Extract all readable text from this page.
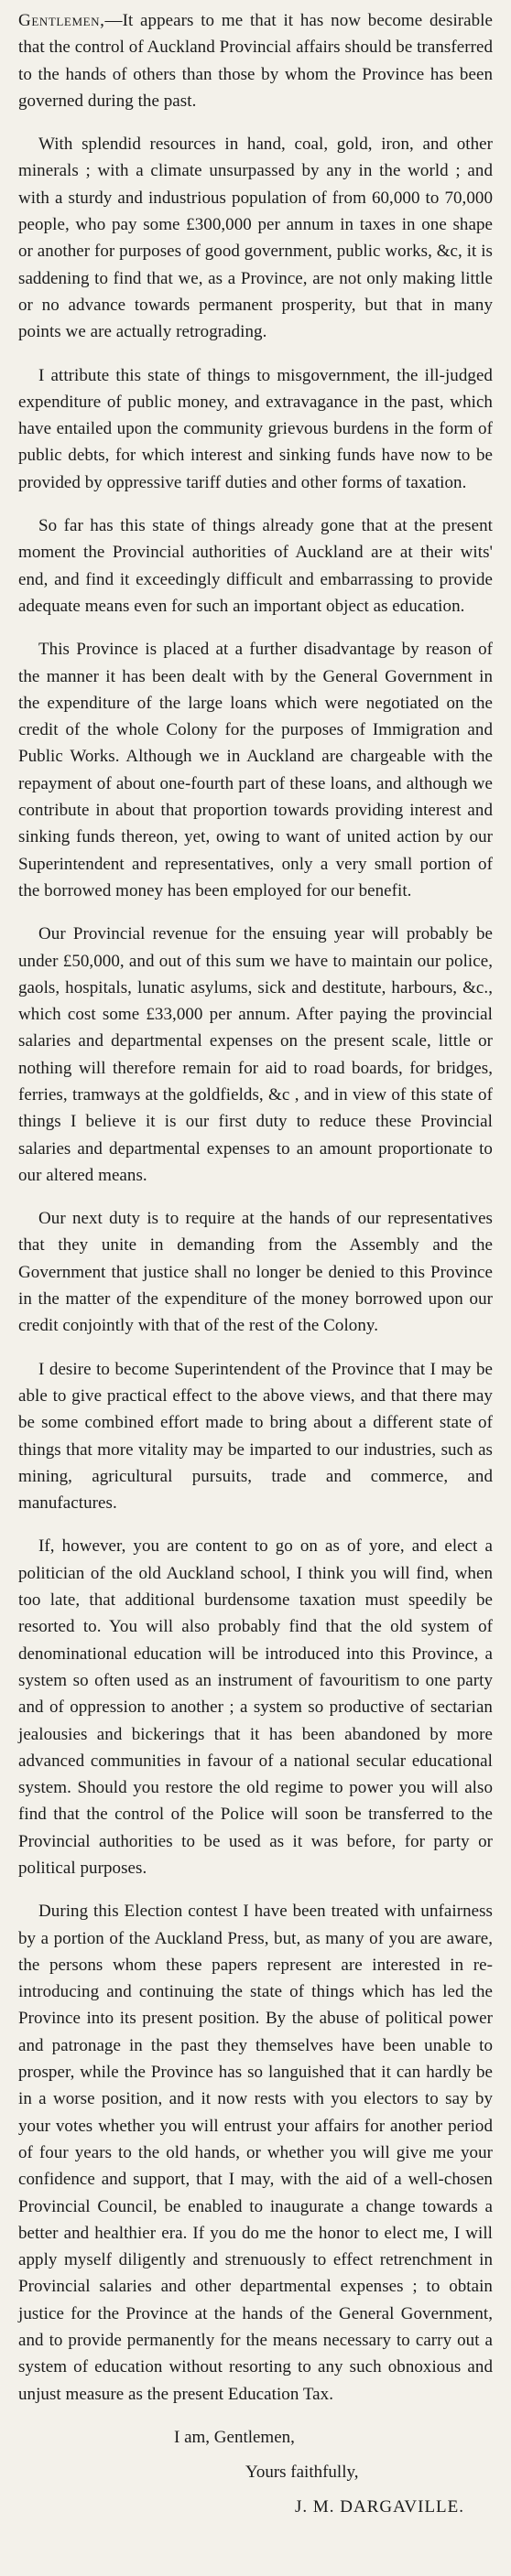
Gentlemen,—It appears to me that it has now become desirable that the control of Auckland Provincial affairs should be transferred to the hands of others than those by whom the Province has been governed during the past.

With splendid resources in hand, coal, gold, iron, and other minerals ; with a climate unsurpassed by any in the world ; and with a sturdy and industrious population of from 60,000 to 70,000 people, who pay some £300,000 per annum in taxes in one shape or another for purposes of good government, public works, &c, it is saddening to find that we, as a Province, are not only making little or no advance towards permanent prosperity, but that in many points we are actually retrograding.

I attribute this state of things to misgovernment, the ill-judged expenditure of public money, and extravagance in the past, which have entailed upon the community grievous burdens in the form of public debts, for which interest and sinking funds have now to be provided by oppressive tariff duties and other forms of taxation.

So far has this state of things already gone that at the present moment the Provincial authorities of Auckland are at their wits' end, and find it exceedingly difficult and embarrassing to provide adequate means even for such an important object as education.

This Province is placed at a further disadvantage by reason of the manner it has been dealt with by the General Government in the expenditure of the large loans which were negotiated on the credit of the whole Colony for the purposes of Immigration and Public Works. Although we in Auckland are chargeable with the repayment of about one-fourth part of these loans, and although we contribute in about that proportion towards providing interest and sinking funds thereon, yet, owing to want of united action by our Superintendent and representatives, only a very small portion of the borrowed money has been employed for our benefit.

Our Provincial revenue for the ensuing year will probably be under £50,000, and out of this sum we have to maintain our police, gaols, hospitals, lunatic asylums, sick and destitute, harbours, &c., which cost some £33,000 per annum. After paying the provincial salaries and departmental expenses on the present scale, little or nothing will therefore remain for aid to road boards, for bridges, ferries, tramways at the goldfields, &c , and in view of this state of things I believe it is our first duty to reduce these Provincial salaries and departmental expenses to an amount proportionate to our altered means.

Our next duty is to require at the hands of our representatives that they unite in demanding from the Assembly and the Government that justice shall no longer be denied to this Province in the matter of the expenditure of the money borrowed upon our credit conjointly with that of the rest of the Colony.

I desire to become Superintendent of the Province that I may be able to give practical effect to the above views, and that there may be some combined effort made to bring about a different state of things that more vitality may be imparted to our industries, such as mining, agricultural pursuits, trade and commerce, and manufactures.

If, however, you are content to go on as of yore, and elect a politician of the old Auckland school, I think you will find, when too late, that additional burdensome taxation must speedily be resorted to. You will also probably find that the old system of denominational education will be introduced into this Province, a system so often used as an instrument of favouritism to one party and of oppression to another ; a system so productive of sectarian jealousies and bickerings that it has been abandoned by more advanced communities in favour of a national secular educational system. Should you restore the old regime to power you will also find that the control of the Police will soon be transferred to the Provincial authorities to be used as it was before, for party or political purposes.

During this Election contest I have been treated with unfairness by a portion of the Auckland Press, but, as many of you are aware, the persons whom these papers represent are interested in re-introducing and continuing the state of things which has led the Province into its present position. By the abuse of political power and patronage in the past they themselves have been unable to prosper, while the Province has so languished that it can hardly be in a worse position, and it now rests with you electors to say by your votes whether you will entrust your affairs for another period of four years to the old hands, or whether you will give me your confidence and support, that I may, with the aid of a well-chosen Provincial Council, be enabled to inaugurate a change towards a better and healthier era. If you do me the honor to elect me, I will apply myself diligently and strenuously to effect retrenchment in Provincial salaries and other departmental expenses ; to obtain justice for the Province at the hands of the General Government, and to provide permanently for the means necessary to carry out a system of education without resorting to any such obnoxious and unjust measure as the present Education Tax.

I am, Gentlemen,

Yours faithfully,

J. M. DARGAVILLE.
